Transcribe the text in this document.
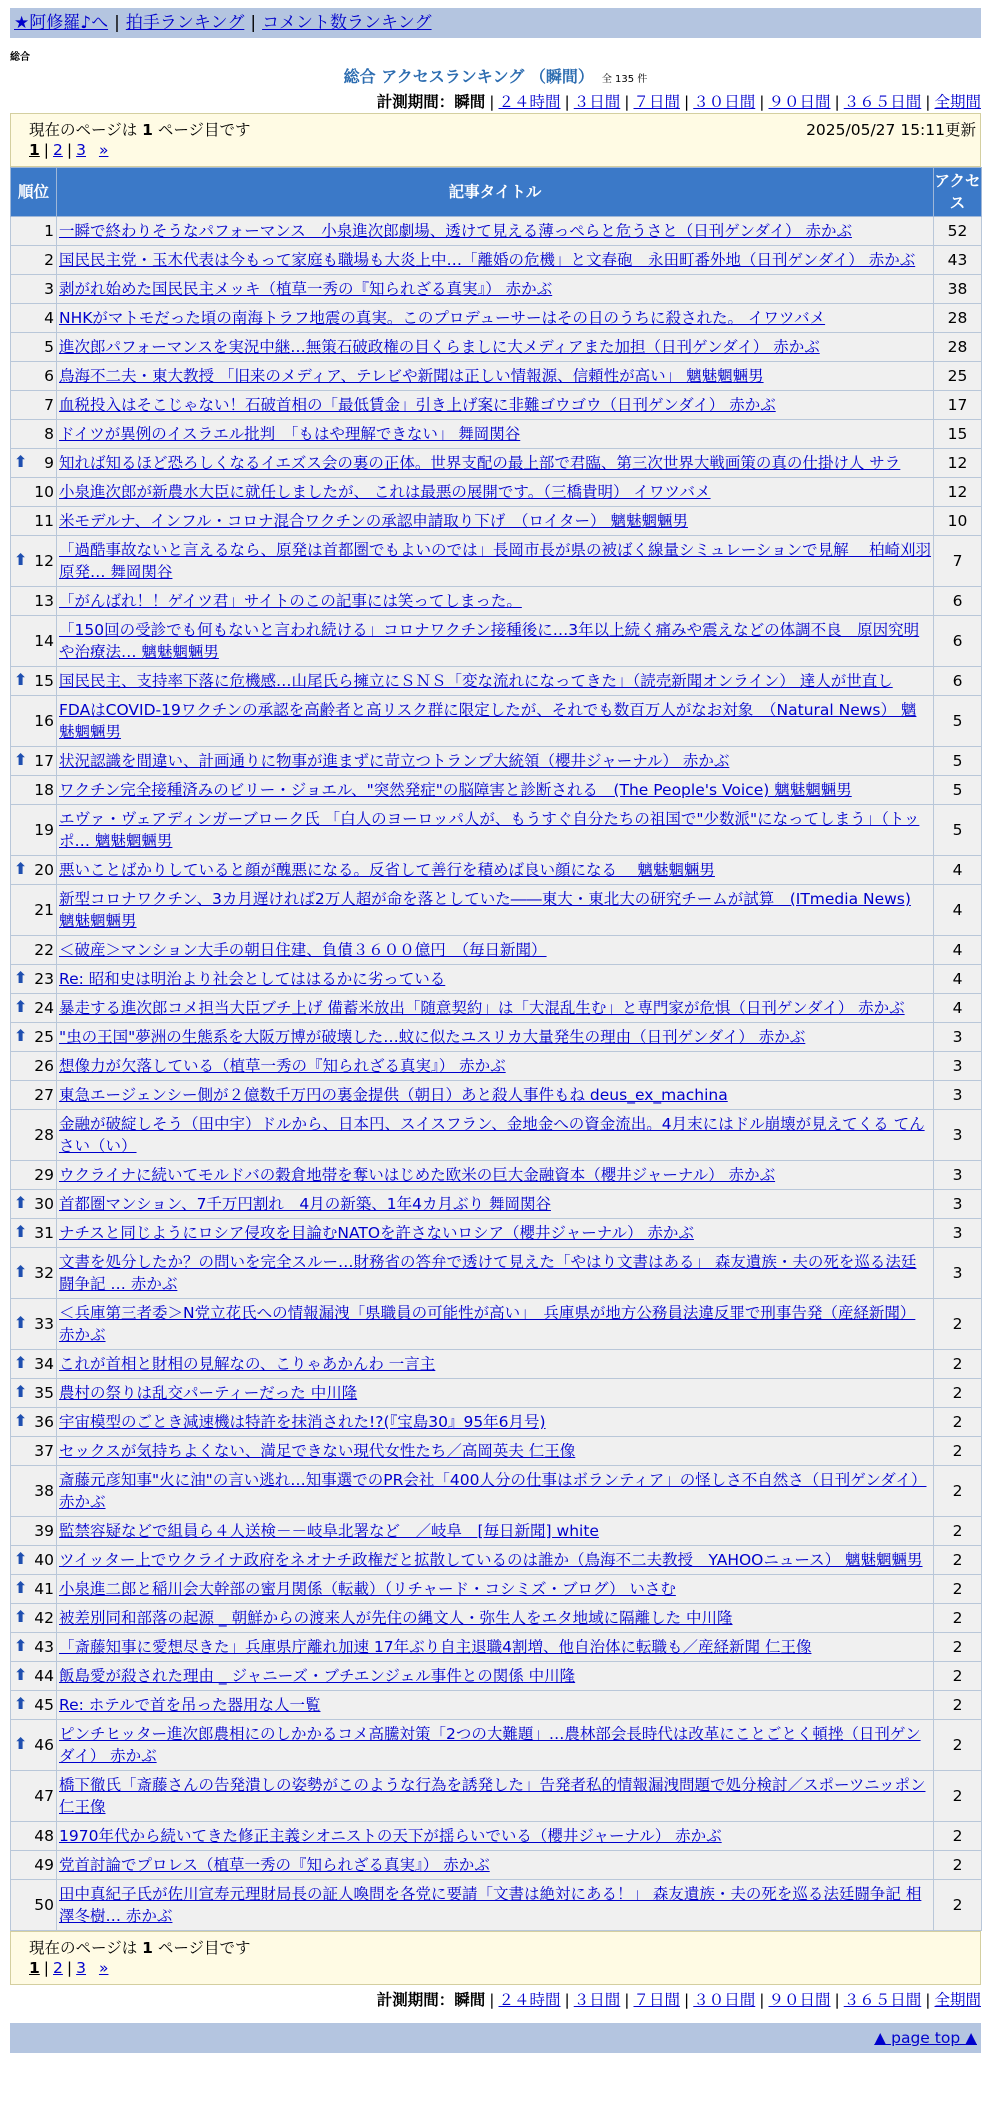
★阿修羅♪へ | 拍手ランキング | コメント数ランキング
総合
総合 アクセスランキング （瞬間） 全 135 件
計測期間：瞬間 | ２４時間 | ３日間 | ７日間 | ３０日間 | ９０日間 | ３６５日間 | 全期間
現在のページは 1 ページ目です	2025/05/27 15:11更新
1 | 2 | 3 »
順位	記事タイトル	アクセス
1	一瞬で終わりそうなパフォーマンス　小泉進次郎劇場、透けて見える薄っぺらと危うさと（日刊ゲンダイ） 赤かぶ	52
2	国民民主党・玉木代表は今もって家庭も職場も大炎上中…「離婚の危機」と文春砲　永田町番外地（日刊ゲンダイ） 赤かぶ	43
3	剥がれ始めた国民民主メッキ（植草一秀の『知られざる真実』） 赤かぶ	38
4	NHKがマトモだった頃の南海トラフ地震の真実。このプロデューサーはその日のうちに殺された。 イワツバメ	28
5	進次郎パフォーマンスを実況中継…無策石破政権の目くらましに大メディアまた加担（日刊ゲンダイ） 赤かぶ	28
6	鳥海不二夫・東大教授 「旧来のメディア、テレビや新聞は正しい情報源、信頼性が高い」 魑魅魍魎男	25
7	血税投入はそこじゃない！石破首相の「最低賃金」引き上げ案に非難ゴウゴウ（日刊ゲンダイ） 赤かぶ	17
8	ドイツが異例のイスラエル批判　「もはや理解できない」 舞岡関谷	15

⬆ 9	知れば知るほど恐ろしくなるイエズス会の裏の正体。世界支配の最上部で君臨、第三次世界大戦画策の真の仕掛け人 サラ	12
10	小泉進次郎が新農水大臣に就任しましたが、 これは最悪の展開です。（三橋貴明） イワツバメ	12
11	米モデルナ、インフル・コロナ混合ワクチンの承認申請取り下げ　（ロイター） 魑魅魍魎男	10

⬆ 12	「過酷事故ないと言えるなら、原発は首都圏でもよいのでは」長岡市長が県の被ばく線量シミュレーションで見解　 柏崎刈羽原発… 舞岡関谷	7
13	「がんばれ！！ゲイツ君」サイトのこの記事には笑ってしまった。	6
14	「150回の受診でも何もないと言われ続ける」コロナワクチン接種後に…3年以上続く痛みや震えなどの体調不良　原因究明や治療法… 魑魅魍魎男	6

⬆ 15	国民民主、支持率下落に危機感…山尾氏ら擁立にＳＮＳ「変な流れになってきた」（読売新聞オンライン） 達人が世直し	6
16	FDAはCOVID-19ワクチンの承認を高齢者と高リスク群に限定したが、それでも数百万人がなお対象　（Natural News） 魑魅魍魎男	5

⬆ 17	状況認識を間違い、計画通りに物事が進まずに苛立つトランプ大統領（櫻井ジャーナル） 赤かぶ	5
18	ワクチン完全接種済みのビリー・ジョエル、"突然発症"の脳障害と診断される　(The People's Voice) 魑魅魍魎男	5
19	エヴァ・ヴェアディンガーブローク氏 「白人のヨーロッパ人が、もうすぐ自分たちの祖国で"少数派"になってしまう」（トッポ… 魑魅魍魎男	5

⬆ 20	悪いことばかりしていると顔が醜悪になる。反省して善行を積めば良い顔になる　 魑魅魍魎男	4
21	新型コロナワクチン、3カ月遅ければ2万人超が命を落としていた――東大・東北大の研究チームが試算　(ITmedia News) 魑魅魍魎男	4
22	＜破産＞マンション大手の朝日住建、負債３６００億円　（毎日新聞）	4

⬆ 23	Re: 昭和史は明治より社会としてははるかに劣っている	4

⬆ 24	暴走する進次郎コメ担当大臣ブチ上げ 備蓄米放出「随意契約」は「大混乱生む」と専門家が危惧（日刊ゲンダイ） 赤かぶ	4

⬆ 25	"虫の王国"夢洲の生態系を大阪万博が破壊した…蚊に似たユスリカ大量発生の理由（日刊ゲンダイ） 赤かぶ	3
26	想像力が欠落している（植草一秀の『知られざる真実』） 赤かぶ	3
27	東急エージェンシー側が２億数千万円の裏金提供（朝日）あと殺人事件もね deus_ex_machina	3
28	金融が破綻しそう（田中宇）ドルから、日本円、スイスフラン、金地金への資金流出。4月末にはドル崩壊が見えてくる てんさい（い）	3
29	ウクライナに続いてモルドバの穀倉地帯を奪いはじめた欧米の巨大金融資本（櫻井ジャーナル） 赤かぶ	3

⬆ 30	首都圏マンション、7千万円割れ　4月の新築、1年4カ月ぶり 舞岡関谷	3

⬆ 31	ナチスと同じようにロシア侵攻を目論むNATOを許さないロシア（櫻井ジャーナル） 赤かぶ	3

⬆ 32	文書を処分したか？の問いを完全スルー…財務省の答弁で透けて見えた「やはり文書はある」 森友遺族・夫の死を巡る法廷闘争記 … 赤かぶ	3

⬆ 33	＜兵庫第三者委＞N党立花氏への情報漏洩「県職員の可能性が高い」　兵庫県が地方公務員法違反罪で刑事告発（産経新聞） 赤かぶ	2

⬆ 34	これが首相と財相の見解なの、こりゃあかんわ 一言主	2

⬆ 35	農村の祭りは乱交パーティーだった 中川隆	2

⬆ 36	宇宙模型のごとき減速機は特許を抹消された!?(『宝島30』95年6月号)	2
37	セックスが気持ちよくない、満足できない現代女性たち／高岡英夫 仁王像	2
38	斎藤元彦知事"火に油"の言い逃れ…知事選でのPR会社「400人分の仕事はボランティア」の怪しさ不自然さ（日刊ゲンダイ） 赤かぶ	2
39	監禁容疑などで組員ら４人送検－－岐阜北署など　／岐阜　[毎日新聞] white	2

⬆ 40	ツイッター上でウクライナ政府をネオナチ政権だと拡散しているのは誰か（鳥海不二夫教授　YAHOOニュース） 魑魅魍魎男	2

⬆ 41	小泉進二郎と稲川会大幹部の蜜月関係（転載）（リチャード・コシミズ・ブログ） いさむ	2

⬆ 42	被差別同和部落の起源 _ 朝鮮からの渡来人が先住の縄文人・弥生人をエタ地域に隔離した 中川隆	2

⬆ 43	「斎藤知事に愛想尽きた」兵庫県庁離れ加速 17年ぶり自主退職4割増、他自治体に転職も／産経新聞 仁王像	2

⬆ 44	飯島愛が殺された理由 _ ジャニーズ・ブチエンジェル事件との関係 中川隆	2

⬆ 45	Re: ホテルで首を吊った器用な人一覧	2

⬆ 46	ピンチヒッター進次郎農相にのしかかるコメ高騰対策「2つの大難題」…農林部会長時代は改革にことごとく頓挫（日刊ゲンダイ） 赤かぶ	2
47	橋下徹氏「斎藤さんの告発潰しの姿勢がこのような行為を誘発した」告発者私的情報漏洩問題で処分検討／スポーツニッポン 仁王像	2
48	1970年代から続いてきた修正主義シオニストの天下が揺らいでいる（櫻井ジャーナル） 赤かぶ	2
49	党首討論でプロレス（植草一秀の『知られざる真実』） 赤かぶ	2
50	田中真紀子氏が佐川宣寿元理財局長の証人喚問を各党に要請「文書は絶対にある！」 森友遺族・夫の死を巡る法廷闘争記 相澤冬樹… 赤かぶ	2
現在のページは 1 ページ目です
1 | 2 | 3 »
計測期間：瞬間 | ２４時間 | ３日間 | ７日間 | ３０日間 | ９０日間 | ３６５日間 | 全期間
▲ page top ▲
